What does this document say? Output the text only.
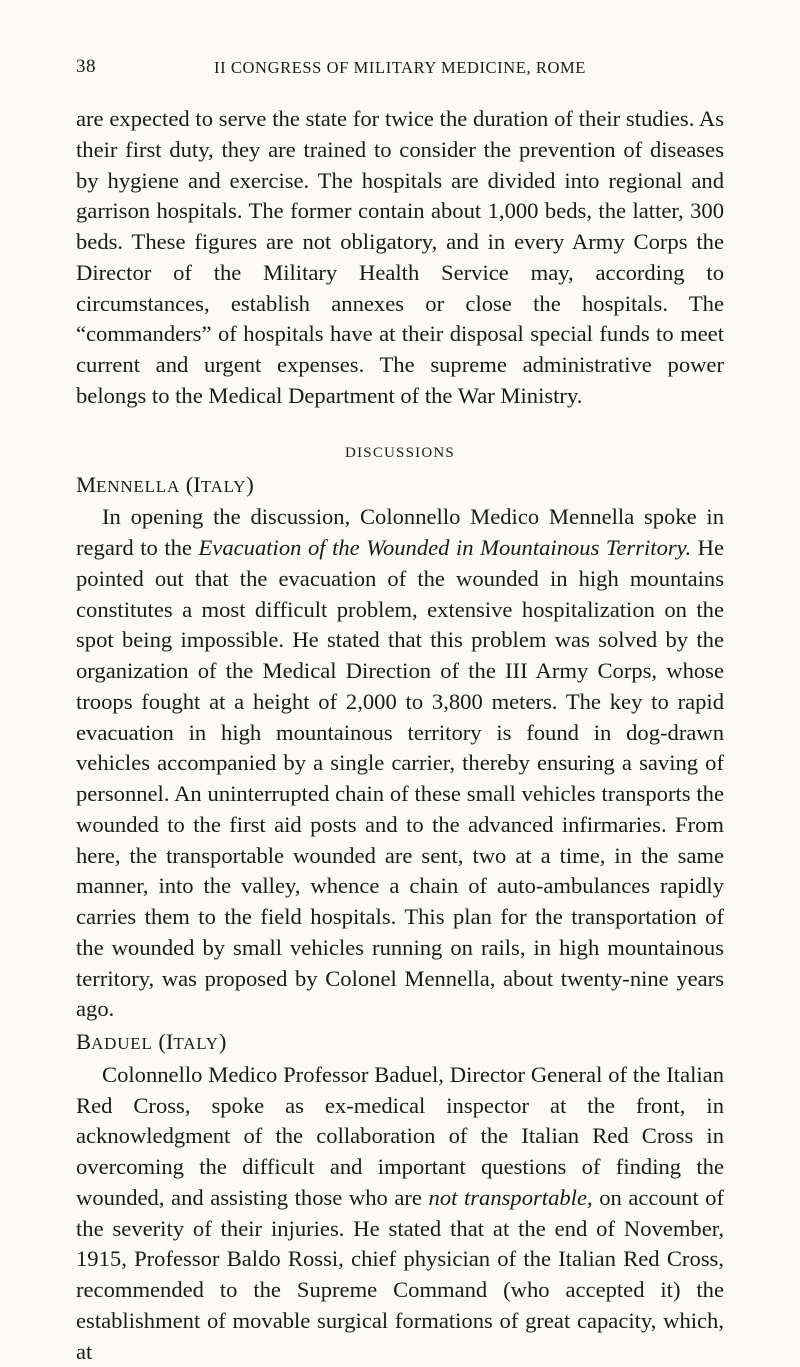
38	II CONGRESS OF MILITARY MEDICINE, ROME

are expected to serve the state for twice the duration of their studies. As their first duty, they are trained to consider the prevention of diseases by hygiene and exercise. The hospitals are divided into regional and garrison hospitals. The former contain about 1,000 beds, the latter, 300 beds. These figures are not obligatory, and in every Army Corps the Director of the Military Health Service may, according to circumstances, establish annexes or close the hospitals. The “commanders” of hospitals have at their disposal special funds to meet current and urgent expenses. The supreme administrative power belongs to the Medical Department of the War Ministry.

DISCUSSIONS
MENNELLA (ITALY)

In opening the discussion, Colonnello Medico Mennella spoke in regard to the Evacuation of the Wounded in Mountainous Territory. He pointed out that the evacuation of the wounded in high mountains constitutes a most difficult problem, extensive hospitalization on the spot being impossible. He stated that this problem was solved by the organization of the Medical Direction of the III Army Corps, whose troops fought at a height of 2,000 to 3,800 meters. The key to rapid evacuation in high mountainous territory is found in dog-drawn vehicles accompanied by a single carrier, thereby ensuring a saving of personnel. An uninterrupted chain of these small vehicles transports the wounded to the first aid posts and to the advanced infirmaries. From here, the transportable wounded are sent, two at a time, in the same manner, into the valley, whence a chain of auto-ambulances rapidly carries them to the field hospitals. This plan for the transportation of the wounded by small vehicles running on rails, in high mountainous territory, was proposed by Colonel Mennella, about twenty-nine years ago.

BADUEL (ITALY)

Colonnello Medico Professor Baduel, Director General of the Italian Red Cross, spoke as ex-medical inspector at the front, in acknowledgment of the collaboration of the Italian Red Cross in overcoming the difficult and important questions of finding the wounded, and assisting those who are not transportable, on account of the severity of their injuries. He stated that at the end of November, 1915, Professor Baldo Rossi, chief physician of the Italian Red Cross, recommended to the Supreme Command (who accepted it) the establishment of movable surgical formations of great capacity, which, at
